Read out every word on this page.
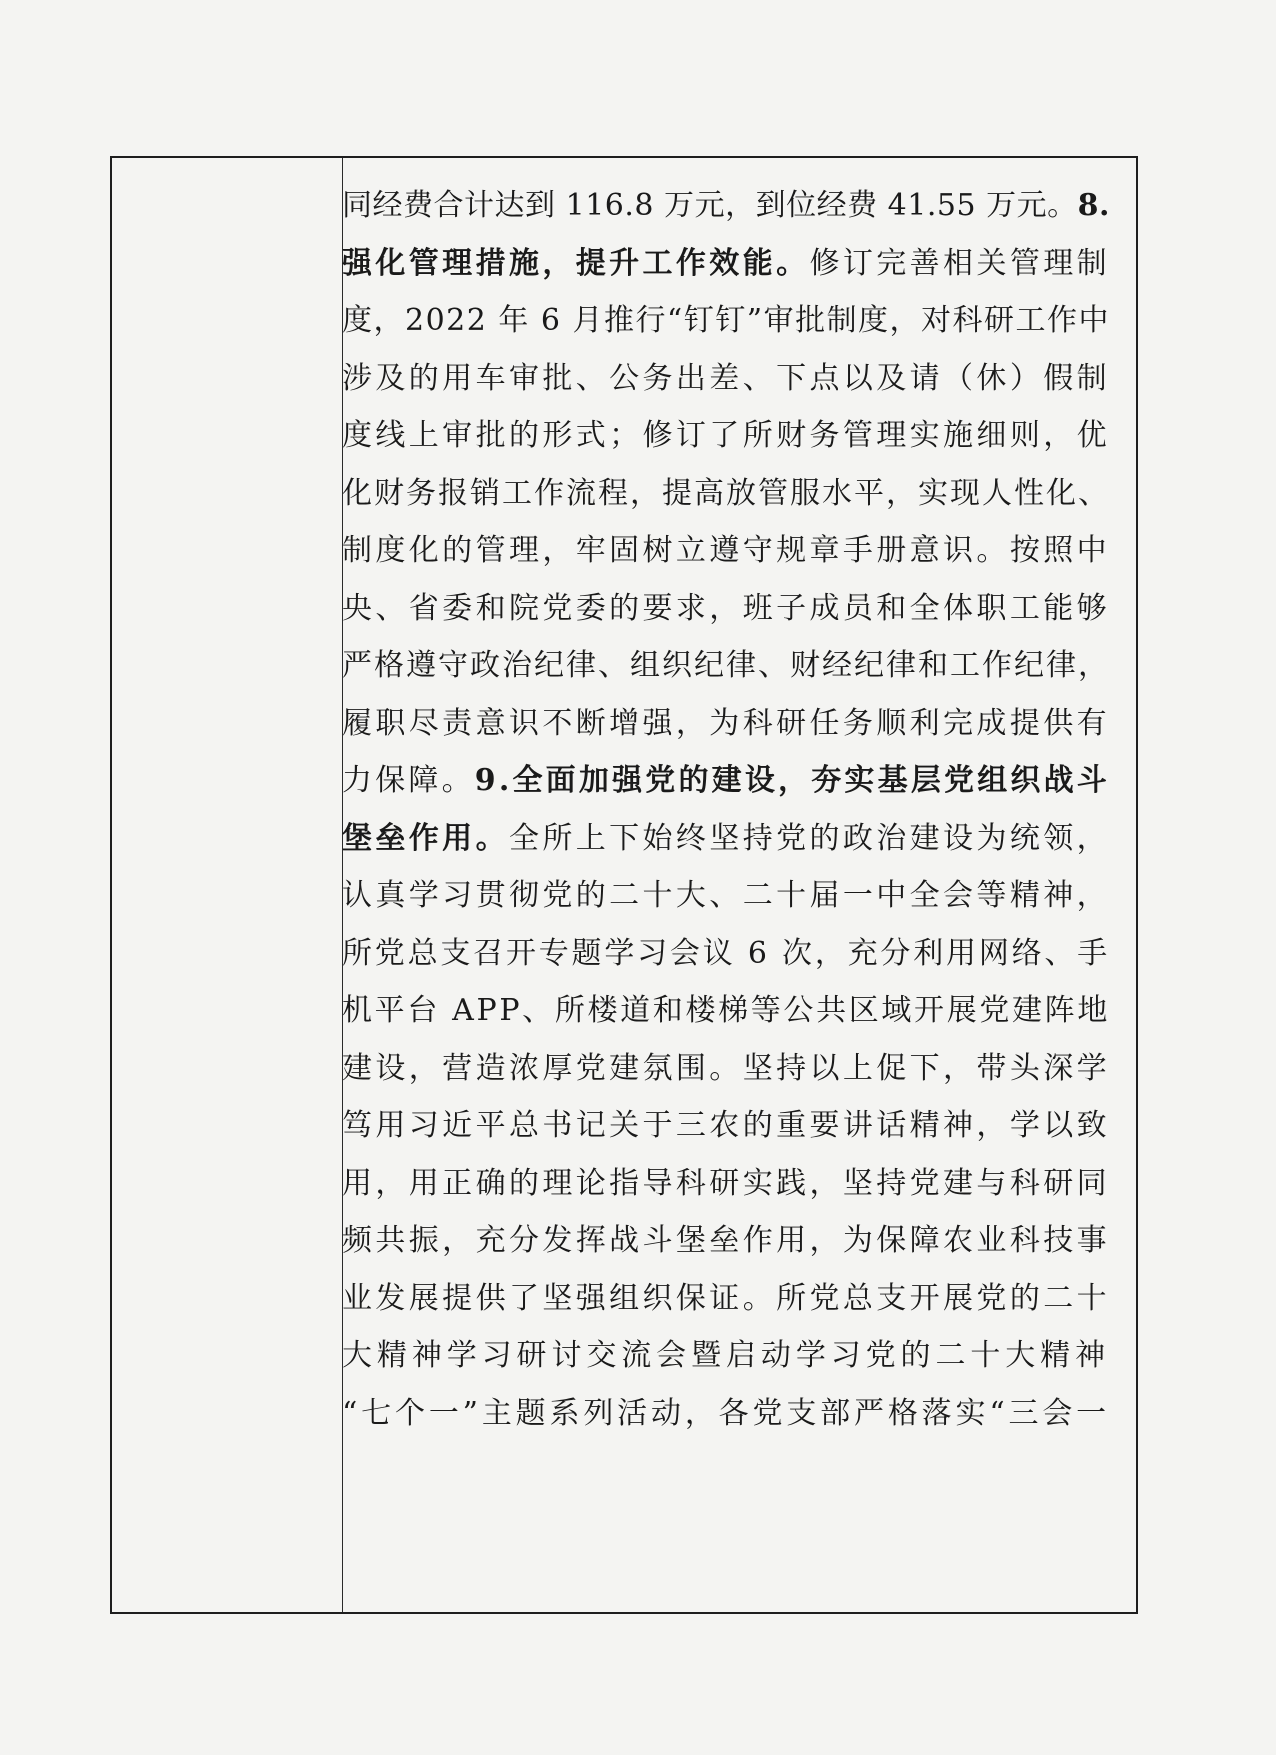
同经费合计达到 116.8 万元，到位经费 41.55 万元。8.
强化管理措施，提升工作效能。修订完善相关管理制
度，2022 年 6 月推行“钉钉”审批制度，对科研工作中
涉及的用车审批、公务出差、下点以及请（休）假制
度线上审批的形式；修订了所财务管理实施细则，优
化财务报销工作流程，提高放管服水平，实现人性化、
制度化的管理，牢固树立遵守规章手册意识。按照中
央、省委和院党委的要求，班子成员和全体职工能够
严格遵守政治纪律、组织纪律、财经纪律和工作纪律，
履职尽责意识不断增强，为科研任务顺利完成提供有
力保障。9.全面加强党的建设，夯实基层党组织战斗
堡垒作用。全所上下始终坚持党的政治建设为统领，
认真学习贯彻党的二十大、二十届一中全会等精神，
所党总支召开专题学习会议 6 次，充分利用网络、手
机平台 APP、所楼道和楼梯等公共区域开展党建阵地
建设，营造浓厚党建氛围。坚持以上促下，带头深学
笃用习近平总书记关于三农的重要讲话精神，学以致
用，用正确的理论指导科研实践，坚持党建与科研同
频共振，充分发挥战斗堡垒作用，为保障农业科技事
业发展提供了坚强组织保证。所党总支开展党的二十
大精神学习研讨交流会暨启动学习党的二十大精神
“七个一”主题系列活动，各党支部严格落实“三会一
